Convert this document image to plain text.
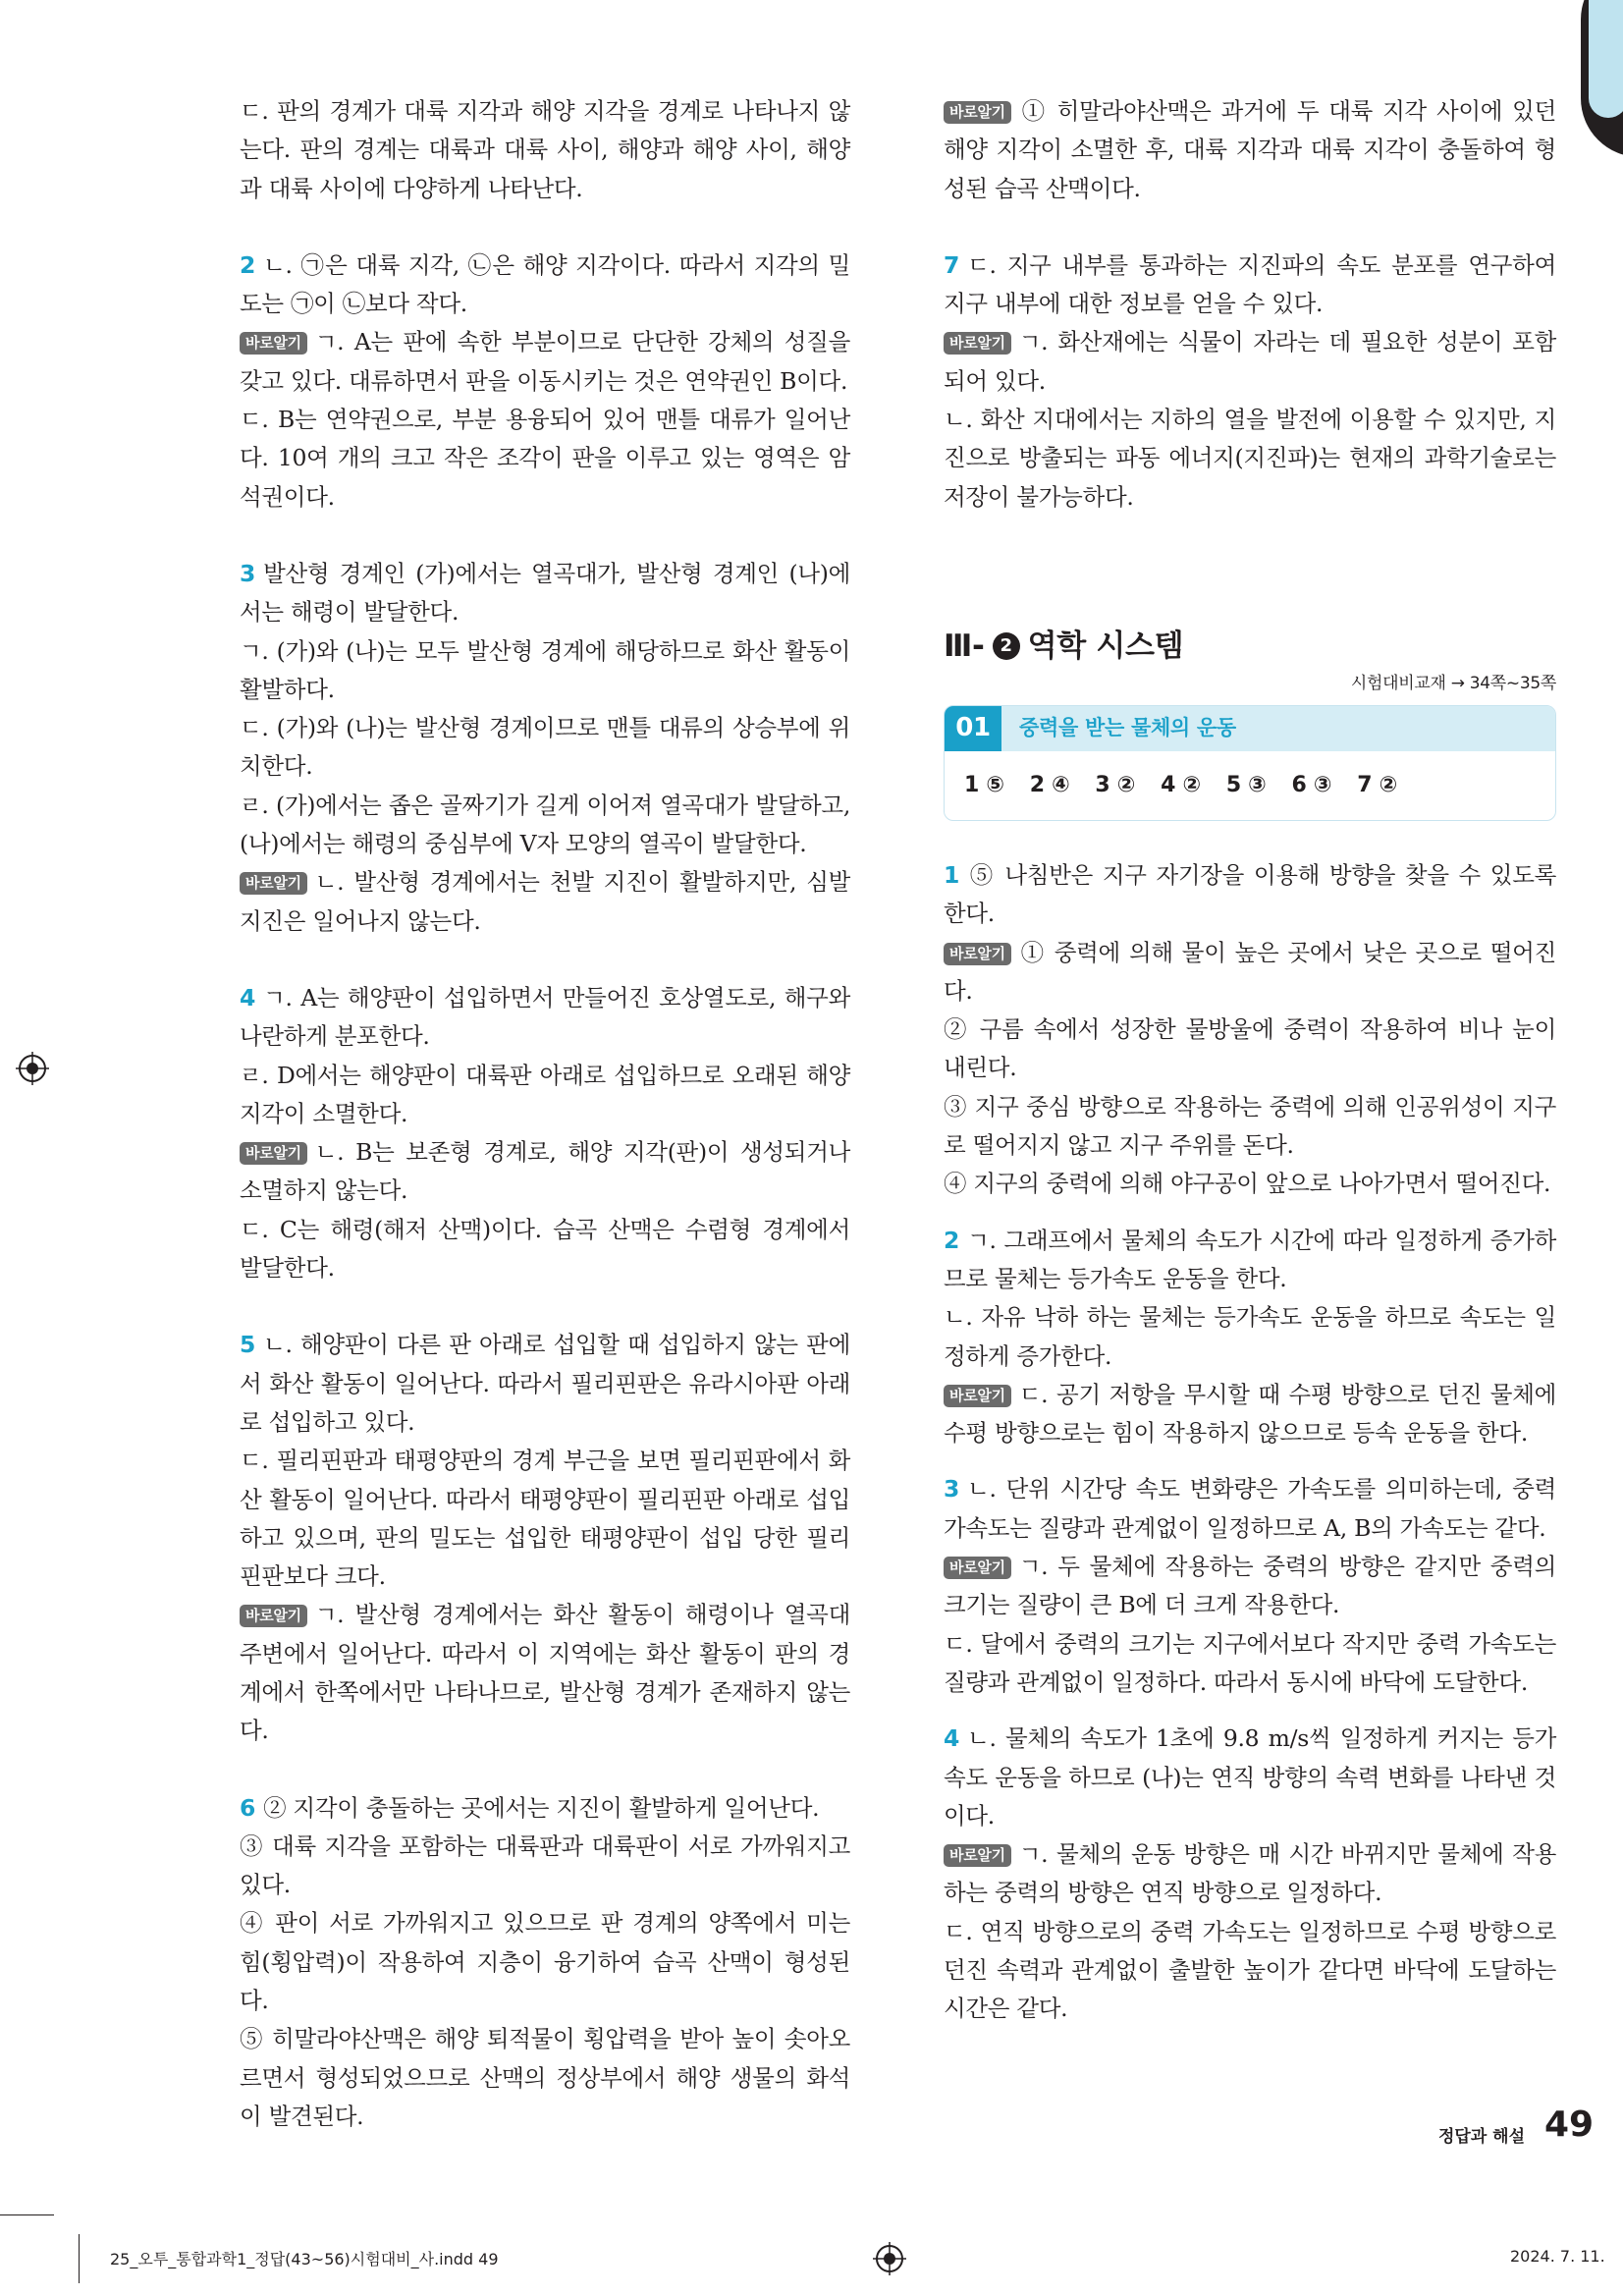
ㄷ. 판의 경계가 대륙 지각과 해양 지각을 경계로 나타나지 않는다. 판의 경계는 대륙과 대륙 사이, 해양과 해양 사이, 해양과 대륙 사이에 다양하게 나타난다.

2 ㄴ. ㉠은 대륙 지각, ㉡은 해양 지각이다. 따라서 지각의 밀도는 ㉠이 ㉡보다 작다.

바로알기 ㄱ. A는 판에 속한 부분이므로 단단한 강체의 성질을 갖고 있다. 대류하면서 판을 이동시키는 것은 연약권인 B이다.

ㄷ. B는 연약권으로, 부분 용융되어 있어 맨틀 대류가 일어난다. 10여 개의 크고 작은 조각이 판을 이루고 있는 영역은 암석권이다.

3 발산형 경계인 (가)에서는 열곡대가, 발산형 경계인 (나)에서는 해령이 발달한다.

ㄱ. (가)와 (나)는 모두 발산형 경계에 해당하므로 화산 활동이 활발하다.

ㄷ. (가)와 (나)는 발산형 경계이므로 맨틀 대류의 상승부에 위치한다.

ㄹ. (가)에서는 좁은 골짜기가 길게 이어져 열곡대가 발달하고, (나)에서는 해령의 중심부에 V자 모양의 열곡이 발달한다.

바로알기 ㄴ. 발산형 경계에서는 천발 지진이 활발하지만, 심발 지진은 일어나지 않는다.

4 ㄱ. A는 해양판이 섭입하면서 만들어진 호상열도로, 해구와 나란하게 분포한다.

ㄹ. D에서는 해양판이 대륙판 아래로 섭입하므로 오래된 해양 지각이 소멸한다.

바로알기 ㄴ. B는 보존형 경계로, 해양 지각(판)이 생성되거나 소멸하지 않는다.

ㄷ. C는 해령(해저 산맥)이다. 습곡 산맥은 수렴형 경계에서 발달한다.

5 ㄴ. 해양판이 다른 판 아래로 섭입할 때 섭입하지 않는 판에서 화산 활동이 일어난다. 따라서 필리핀판은 유라시아판 아래로 섭입하고 있다.

ㄷ. 필리핀판과 태평양판의 경계 부근을 보면 필리핀판에서 화산 활동이 일어난다. 따라서 태평양판이 필리핀판 아래로 섭입하고 있으며, 판의 밀도는 섭입한 태평양판이 섭입 당한 필리핀판보다 크다.

바로알기 ㄱ. 발산형 경계에서는 화산 활동이 해령이나 열곡대 주변에서 일어난다. 따라서 이 지역에는 화산 활동이 판의 경계에서 한쪽에서만 나타나므로, 발산형 경계가 존재하지 않는다.

6 ② 지각이 충돌하는 곳에서는 지진이 활발하게 일어난다.

③ 대륙 지각을 포함하는 대륙판과 대륙판이 서로 가까워지고 있다.

④ 판이 서로 가까워지고 있으므로 판 경계의 양쪽에서 미는 힘(횡압력)이 작용하여 지층이 융기하여 습곡 산맥이 형성된다.

⑤ 히말라야산맥은 해양 퇴적물이 횡압력을 받아 높이 솟아오르면서 형성되었으므로 산맥의 정상부에서 해양 생물의 화석이 발견된다.

바로알기 ① 히말라야산맥은 과거에 두 대륙 지각 사이에 있던 해양 지각이 소멸한 후, 대륙 지각과 대륙 지각이 충돌하여 형성된 습곡 산맥이다.

7 ㄷ. 지구 내부를 통과하는 지진파의 속도 분포를 연구하여 지구 내부에 대한 정보를 얻을 수 있다.

바로알기 ㄱ. 화산재에는 식물이 자라는 데 필요한 성분이 포함되어 있다.

ㄴ. 화산 지대에서는 지하의 열을 발전에 이용할 수 있지만, 지진으로 방출되는 파동 에너지(지진파)는 현재의 과학기술로는 저장이 불가능하다.

Ⅲ- 2 역학 시스템
시험대비교재 → 34쪽~35쪽
01	중력을 받는 물체의 운동
1 ⑤ 2 ④ 3 ② 4 ② 5 ③ 6 ③ 7 ②

1 ⑤ 나침반은 지구 자기장을 이용해 방향을 찾을 수 있도록 한다.

바로알기 ① 중력에 의해 물이 높은 곳에서 낮은 곳으로 떨어진다.

② 구름 속에서 성장한 물방울에 중력이 작용하여 비나 눈이 내린다.

③ 지구 중심 방향으로 작용하는 중력에 의해 인공위성이 지구로 떨어지지 않고 지구 주위를 돈다.

④ 지구의 중력에 의해 야구공이 앞으로 나아가면서 떨어진다.

2 ㄱ. 그래프에서 물체의 속도가 시간에 따라 일정하게 증가하므로 물체는 등가속도 운동을 한다.

ㄴ. 자유 낙하 하는 물체는 등가속도 운동을 하므로 속도는 일정하게 증가한다.

바로알기 ㄷ. 공기 저항을 무시할 때 수평 방향으로 던진 물체에 수평 방향으로는 힘이 작용하지 않으므로 등속 운동을 한다.

3 ㄴ. 단위 시간당 속도 변화량은 가속도를 의미하는데, 중력 가속도는 질량과 관계없이 일정하므로 A, B의 가속도는 같다.

바로알기 ㄱ. 두 물체에 작용하는 중력의 방향은 같지만 중력의 크기는 질량이 큰 B에 더 크게 작용한다.

ㄷ. 달에서 중력의 크기는 지구에서보다 작지만 중력 가속도는 질량과 관계없이 일정하다. 따라서 동시에 바닥에 도달한다.

4 ㄴ. 물체의 속도가 1초에 9.8 m/s씩 일정하게 커지는 등가속도 운동을 하므로 (나)는 연직 방향의 속력 변화를 나타낸 것이다.

바로알기 ㄱ. 물체의 운동 방향은 매 시간 바뀌지만 물체에 작용하는 중력의 방향은 연직 방향으로 일정하다.

ㄷ. 연직 방향으로의 중력 가속도는 일정하므로 수평 방향으로 던진 속력과 관계없이 출발한 높이가 같다면 바닥에 도달하는 시간은 같다.

정답과 해설 49
25_오투_통합과학1_정답(43~56)시험대비_사.indd 49	2024. 7. 11.
